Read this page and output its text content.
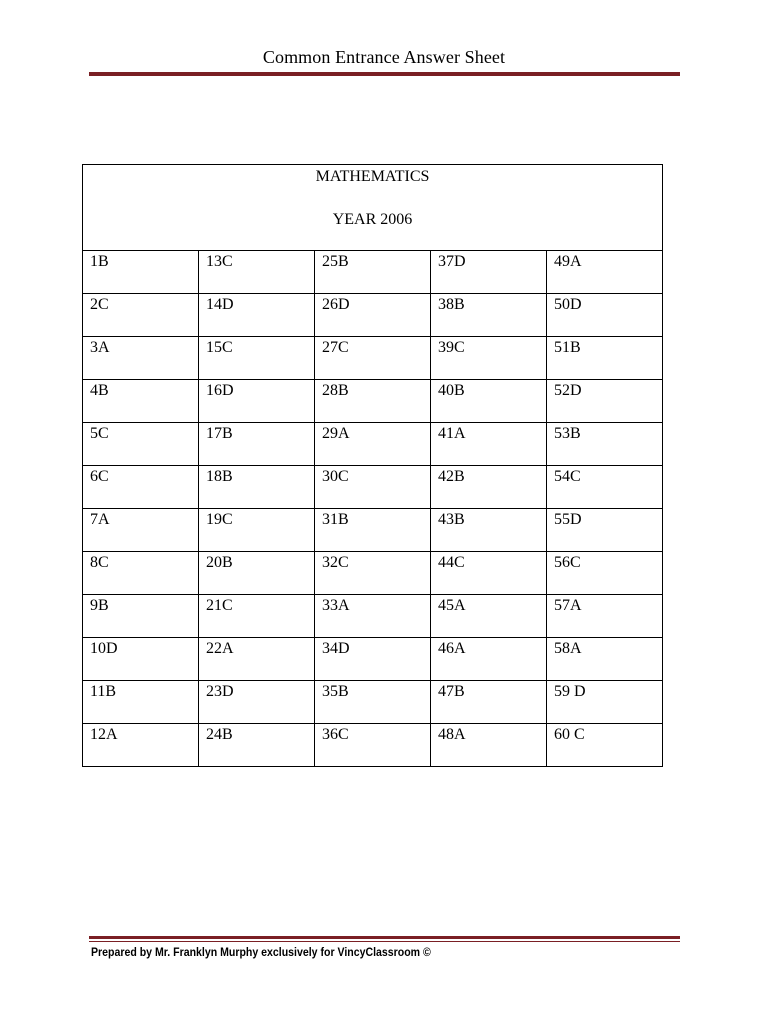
Common Entrance Answer Sheet
MATHEMATICS
YEAR 2006				

1B	13C	25B	37D	49A

2C	14D	26D	38B	50D

3A	15C	27C	39C	51B

4B	16D	28B	40B	52D

5C	17B	29A	41A	53B

6C	18B	30C	42B	54C

7A	19C	31B	43B	55D

8C	20B	32C	44C	56C

9B	21C	33A	45A	57A

10D	22A	34D	46A	58A

11B	23D	35B	47B	59 D

12A	24B	36C	48A	60 C
Prepared by Mr. Franklyn Murphy exclusively for VincyClassroom ©
